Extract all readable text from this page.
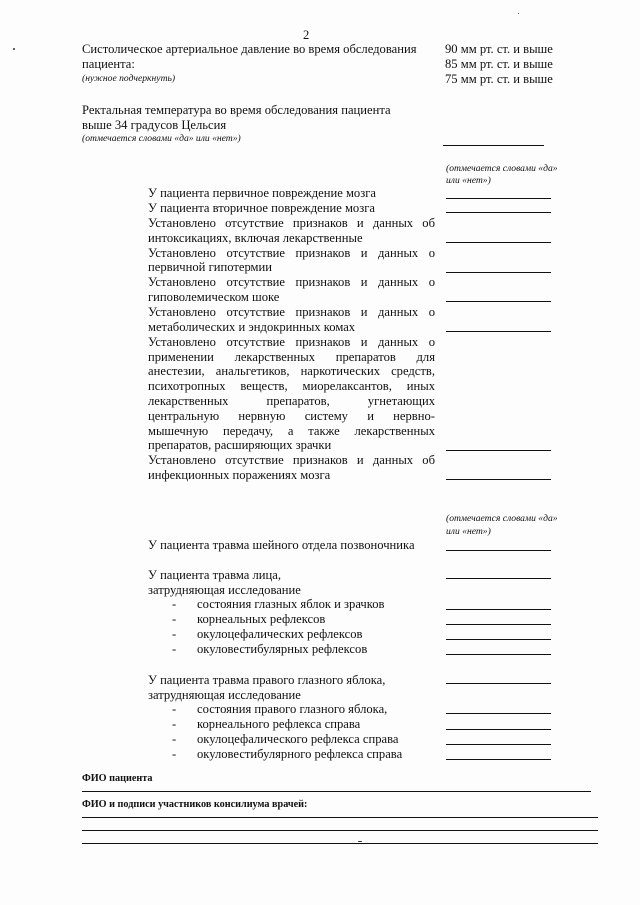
2
Систолическое артериальное давление во время обследования
пациента:
(нужное подчеркнуть)
90 мм рт. ст. и выше
85 мм рт. ст. и выше
75 мм рт. ст. и выше
Ректальная температура во время обследования пациента
выше 34 градусов Цельсия
(отмечается словами «да» или «нет»)
(отмечается словами «да»
или «нет»)
У пациента первичное повреждение мозга
У пациента вторичное повреждение мозга
Установлено отсутствие признаков и данных об
интоксикациях, включая лекарственные
Установлено отсутствие признаков и данных о
первичной гипотермии
Установлено отсутствие признаков и данных о
гиповолемическом шоке
Установлено отсутствие признаков и данных о
метаболических и эндокринных комах
Установлено отсутствие признаков и данных о
применении лекарственных препаратов для
анестезии, анальгетиков, наркотических средств,
психотропных веществ, миорелаксантов, иных
лекарственных препаратов, угнетающих
центральную нервную систему и нервно-
мышечную передачу, а также лекарственных
препаратов, расширяющих зрачки
Установлено отсутствие признаков и данных об
инфекционных поражениях мозга
(отмечается словами «да»
или «нет»)
У пациента травма шейного отдела позвоночника
У пациента травма лица,
затрудняющая исследование
- состояния глазных яблок и зрачков
- корнеальных рефлексов
- окулоцефалических рефлексов
- окуловестибулярных рефлексов
У пациента травма правого глазного яблока,
затрудняющая исследование
- состояния правого глазного яблока,
- корнеального рефлекса справа
- окулоцефалического рефлекса справа
- окуловестибулярного рефлекса справа
ФИО пациента
ФИО и подписи участников консилиума врачей:
